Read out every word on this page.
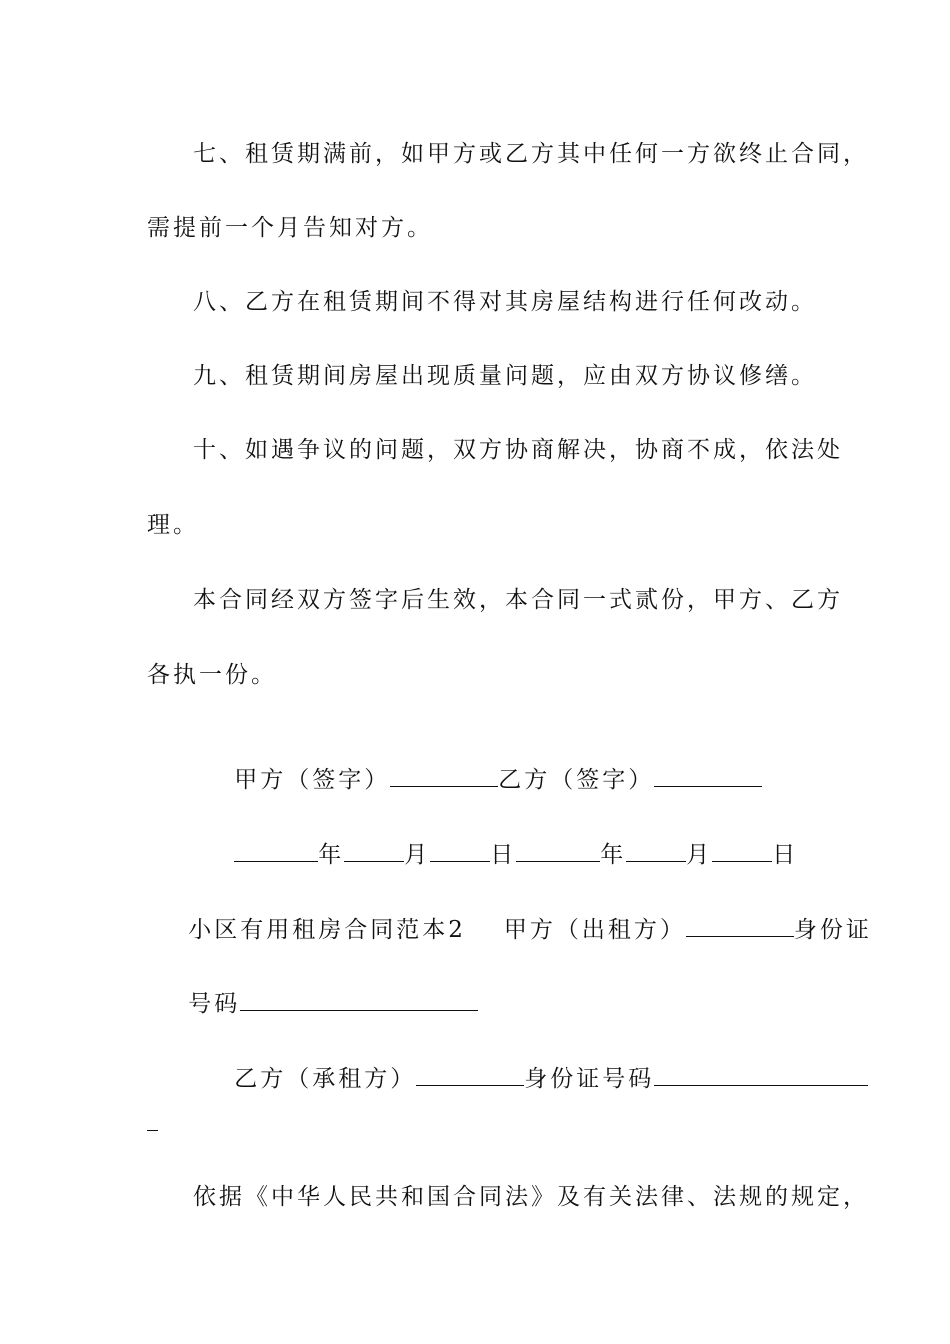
七、租赁期满前，如甲方或乙方其中任何一方欲终止合同，
需提前一个月告知对方。
八、乙方在租赁期间不得对其房屋结构进行任何改动。
九、租赁期间房屋出现质量问题，应由双方协议修缮。
十、如遇争议的问题，双方协商解决，协商不成，依法处
理。
本合同经双方签字后生效，本合同一式贰份，甲方、乙方
各执一份。

甲方（签字）	乙方（签字）

年	月	日	年	月	日

小区有用租房合同范本2 甲方（出租方）	身份证

号码

乙方（承租方）	身份证号码

依据《中华人民共和国合同法》及有关法律、法规的规定，
